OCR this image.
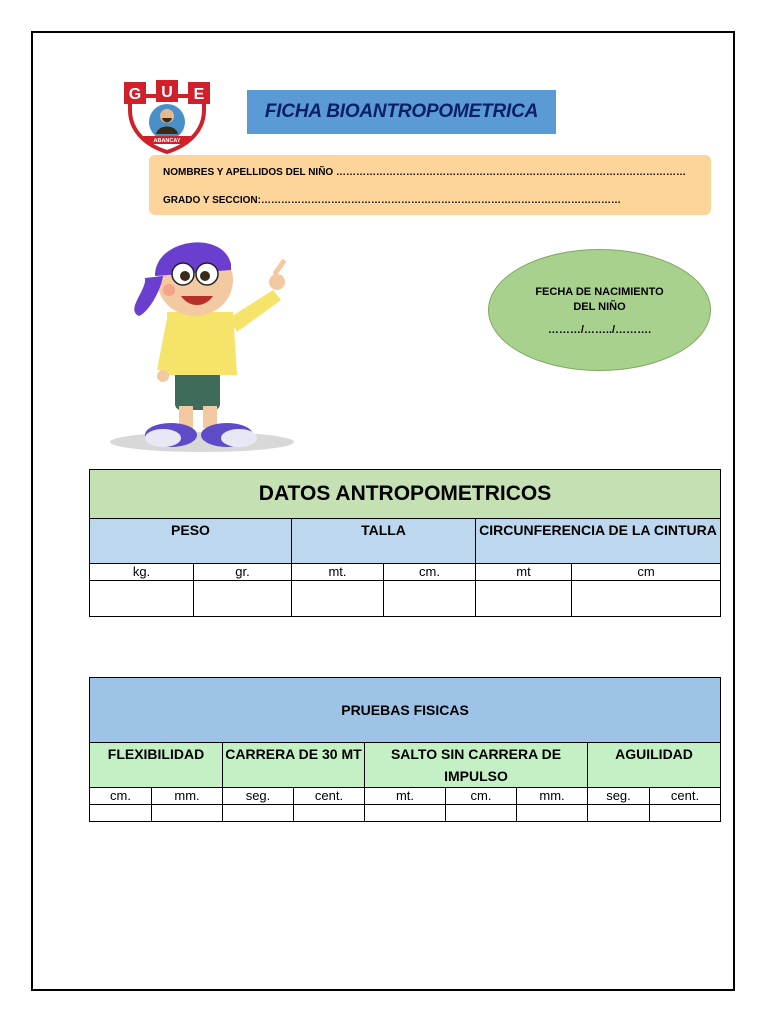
G U E
ABANCAY
FICHA BIOANTROPOMETRICA
NOMBRES Y APELLIDOS DEL NIÑO ……………………………………………………………………………………………
GRADO Y SECCION:………………………………………………………………………………………………
FECHA DE NACIMIENTO
DEL NIÑO
………/……../……….
DATOS ANTROPOMETRICOS					
PESO		TALLA		CIRCUNFERENCIA DE LA CINTURA	
kg.	gr.	mt.	cm.	mt	cm

PRUEBAS FISICAS								
FLEXIBILIDAD		CARRERA DE 30 MT		SALTO SIN CARRERA DE IMPULSO			AGUILIDAD	
cm.	mm.	seg.	cent.	mt.	cm.	mm.	seg.	cent.
